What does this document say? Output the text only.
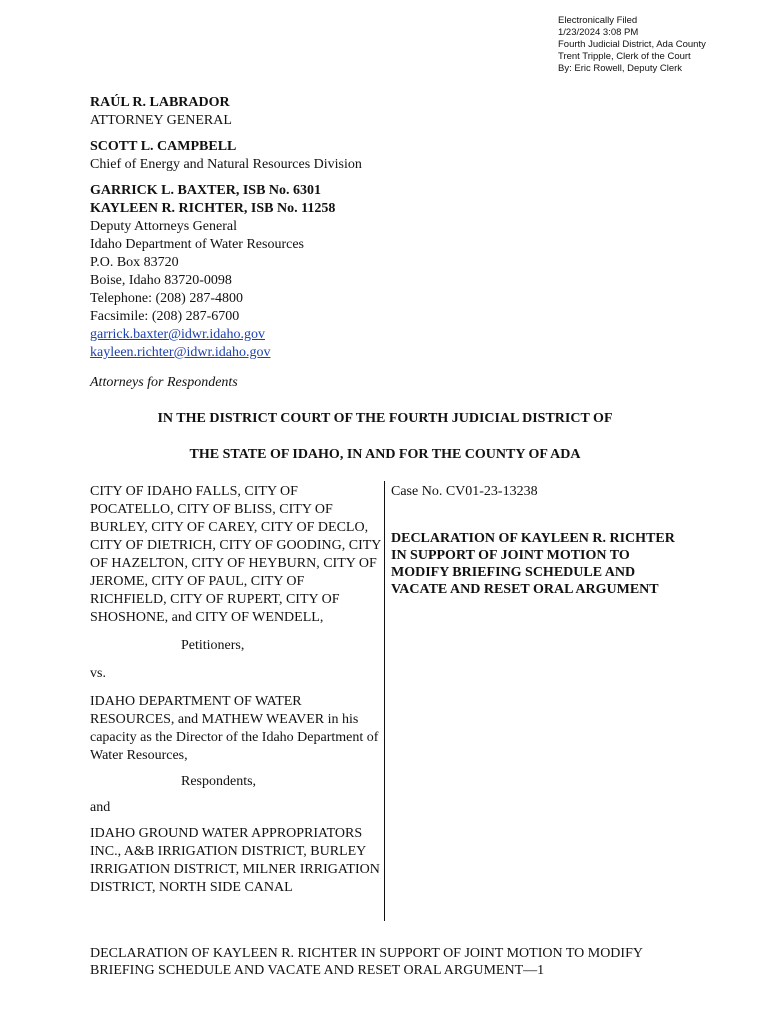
Electronically Filed
1/23/2024 3:08 PM
Fourth Judicial District, Ada County
Trent Tripple, Clerk of the Court
By: Eric Rowell, Deputy Clerk
RAÚL R. LABRADOR
ATTORNEY GENERAL
SCOTT L. CAMPBELL
Chief of Energy and Natural Resources Division
GARRICK L. BAXTER, ISB No. 6301
KAYLEEN R. RICHTER, ISB No. 11258
Deputy Attorneys General
Idaho Department of Water Resources
P.O. Box 83720
Boise, Idaho 83720-0098
Telephone: (208) 287-4800
Facsimile: (208) 287-6700
garrick.baxter@idwr.idaho.gov
kayleen.richter@idwr.idaho.gov
Attorneys for Respondents
IN THE DISTRICT COURT OF THE FOURTH JUDICIAL DISTRICT OF
THE STATE OF IDAHO, IN AND FOR THE COUNTY OF ADA

CITY OF IDAHO FALLS, CITY OF POCATELLO, CITY OF BLISS, CITY OF BURLEY, CITY OF CAREY, CITY OF DECLO, CITY OF DIETRICH, CITY OF GOODING, CITY OF HAZELTON, CITY OF HEYBURN, CITY OF JEROME, CITY OF PAUL, CITY OF RICHFIELD, CITY OF RUPERT, CITY OF SHOSHONE, and CITY OF WENDELL,

Petitioners,

vs.

IDAHO DEPARTMENT OF WATER RESOURCES, and MATHEW WEAVER in his capacity as the Director of the Idaho Department of Water Resources,

Respondents,

and

IDAHO GROUND WATER APPROPRIATORS INC., A&B IRRIGATION DISTRICT, BURLEY IRRIGATION DISTRICT, MILNER IRRIGATION DISTRICT, NORTH SIDE CANAL

Case No. CV01-23-13238
DECLARATION OF KAYLEEN R. RICHTER IN SUPPORT OF JOINT MOTION TO MODIFY BRIEFING SCHEDULE AND VACATE AND RESET ORAL ARGUMENT
DECLARATION OF KAYLEEN R. RICHTER IN SUPPORT OF JOINT MOTION TO MODIFY BRIEFING SCHEDULE AND VACATE AND RESET ORAL ARGUMENT—1
